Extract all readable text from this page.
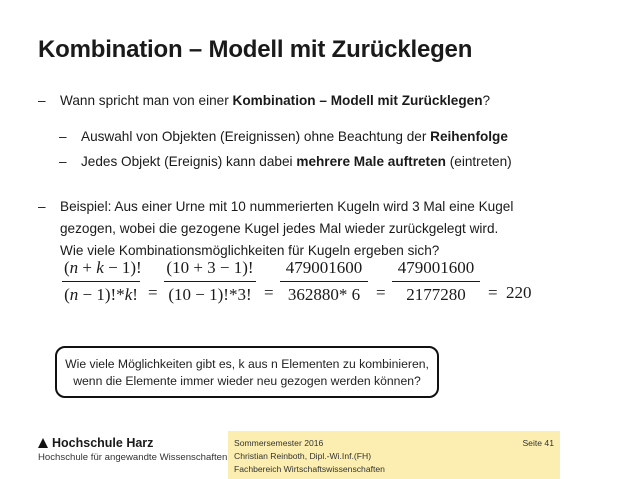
Kombination – Modell mit Zurücklegen
– Wann spricht man von einer Kombination – Modell mit Zurücklegen?
– Auswahl von Objekten (Ereignissen) ohne Beachtung der Reihenfolge
– Jedes Objekt (Ereignis) kann dabei mehrere Male auftreten (eintreten)
– Beispiel: Aus einer Urne mit 10 nummerierten Kugeln wird 3 Mal eine Kugel
gezogen, wobei die gezogene Kugel jedes Mal wieder zurückgelegt wird.
Wie viele Kombinationsmöglichkeiten für Kugeln ergeben sich?
$\frac{(n + k - 1)!}{(n - 1)!*k!} = \frac{(10 + 3 - 1)!}{(10 - 1)!*3!} = \frac{479001600}{362880* 6} = \frac{479001600}{2177280} = 220$
Wie viele Möglichkeiten gibt es, k aus n Elementen zu kombinieren,
wenn die Elemente immer wieder neu gezogen werden können?
Hochschule Harz
Hochschule für angewandte Wissenschaften
Sommersemester 2016
Christian Reinboth, Dipl.-Wi.Inf.(FH)
Fachbereich Wirtschaftswissenschaften
Seite 41
